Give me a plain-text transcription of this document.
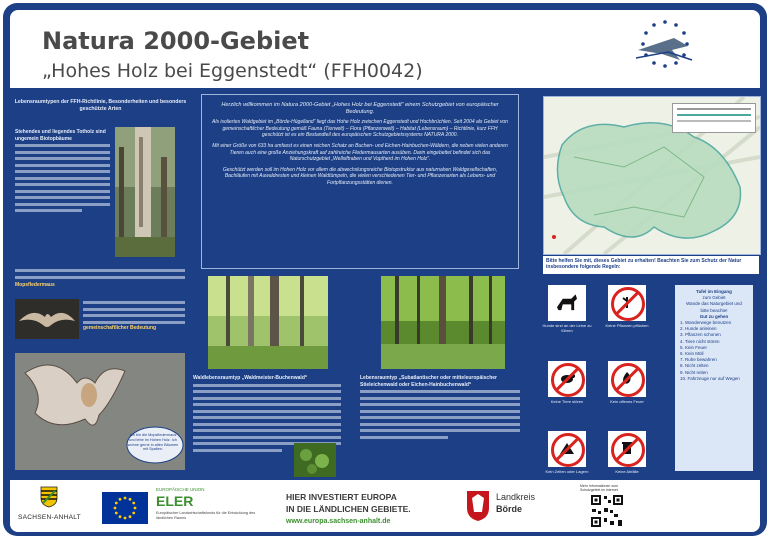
Natura 2000-Gebiet
„Hohes Holz bei Eggenstedt“ (FFH0042)
Lebensraumtypen der FFH-Richtlinie, Besonderheiten und besonders geschützte Arten
Stehendes und liegendes Totholz sind ungemein Biotopbäume
Mopsfledermaus
gemeinschaftlicher Bedeutung
Ich bin die Mopsfledermaus und lebe im Hohen Holz. Ich wohne gerne in alten Bäumen mit Spalten.

Herzlich willkommen im Natura 2000-Gebiet „Hohes Holz bei Eggenstedt“ einem Schutzgebiet von europäischer Bedeutung.

Als isoliertes Waldgebiet im „Börde-Hügelland“ liegt das Hohe Holz zwischen Eggenstedt und Hochbrüchlen. Seit 2004 als Gebiet von gemeinschaftlicher Bedeutung gemäß Fauna (Tierwelt) – Flora (Pflanzenwelt) – Habitat (Lebensraum) – Richtlinie, kurz FFH geschützt ist es ein Bestandteil des europäischen Schutzgebietssystems NATURA 2000.

Mit einer Größe von 633 ha umfasst es einen reichen Schatz an Buchen- und Eichen-Hainbuchen-Wäldern, die neben vielen anderen Tieren auch eine große Anziehungskraft auf zahlreiche Fledermausarten ausüben. Darin eingebettet befindet sich das Naturschutzgebiet „Wellsiftraben und Voptherd im Hohen Holz“.

Geschützt werden soll im Hohen Holz vor allem die abwechslungsreiche Biotopstruktur aus naturnahen Waldgesellschaften, Bachläufen mit Auwaldresten und kleinen Waldtümpeln, die vielen verschiedenen Tier- und Pflanzenarten als Lebens- und Fortpflanzungsstätten dienen.

Waldlebensraumtyp „Waldmeister-Buchenwald“	Lebensraumtyp „Subatlantischer oder mitteleuropäischer Stieleichenwald oder Eichen-Hainbuchenwald“
Bitte helfen Sie mit, dieses Gebiet zu erhalten! Beachten Sie zum Schutz der Natur insbesondere folgende Regeln:
Hunde sind an der Leine zu führen
Keine Pflanzen pflücken
Keine Tiere stören	Kein offenes Feuer
Kein Zelten oder Lagern	Keine Abfälle
Tafel im Eingang
zum Gebiet
Wande das Naturgebiet und
bitte beachte!
Gut zu gehen
1. Wanderwege benutzen
2. Hunde anleinen
3. Pflanzen schonen
4. Tiere nicht stören
5. Kein Feuer
6. Kein Müll
7. Ruhe bewahren
8. Nicht zelten
9. Nicht reiten
10. Fahrzeuge nur auf Wegen
SACHSEN-ANHALT
EUROPÄISCHE UNION
ELER
Europäischer Landwirtschaftsfonds für die Entwicklung des ländlichen Raums
HIER INVESTIERT EUROPA
IN DIE LÄNDLICHEN GEBIETE.
www.europa.sachsen-anhalt.de
Landkreis
Börde
Mehr Informationen zum Schutzgebiet im Internet
